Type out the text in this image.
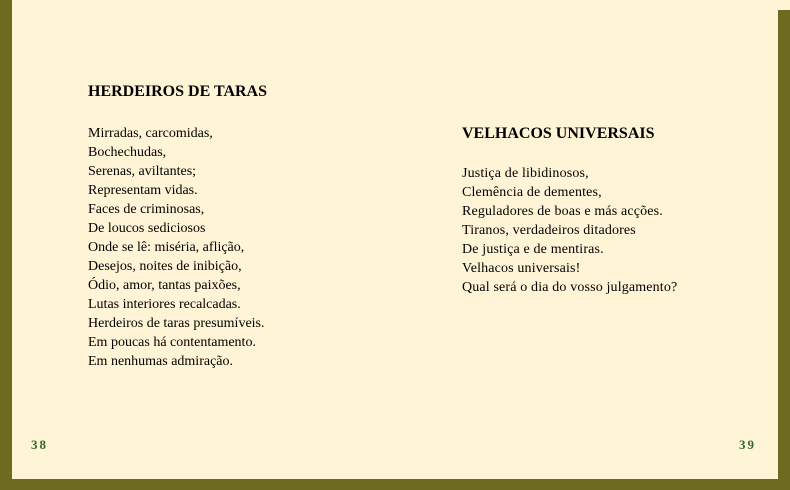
HERDEIROS DE TARAS
Mirradas, carcomidas,
Bochechudas,
Serenas, aviltantes;
Representam vidas.
Faces de criminosas,
De loucos sediciosos
Onde se lê: miséria, aflição,
Desejos, noites de inibição,
Ódio, amor, tantas paixões,
Lutas interiores recalcadas.
Herdeiros de taras presumíveis.
Em poucas há contentamento.
Em nenhumas admiração.
VELHACOS UNIVERSAIS
Justiça de libidinosos,
Clemência de dementes,
Reguladores de boas e más acções.
Tiranos, verdadeiros ditadores
De justiça e de mentiras.
Velhacos universais!
Qual será o dia do vosso julgamento?
38	39
